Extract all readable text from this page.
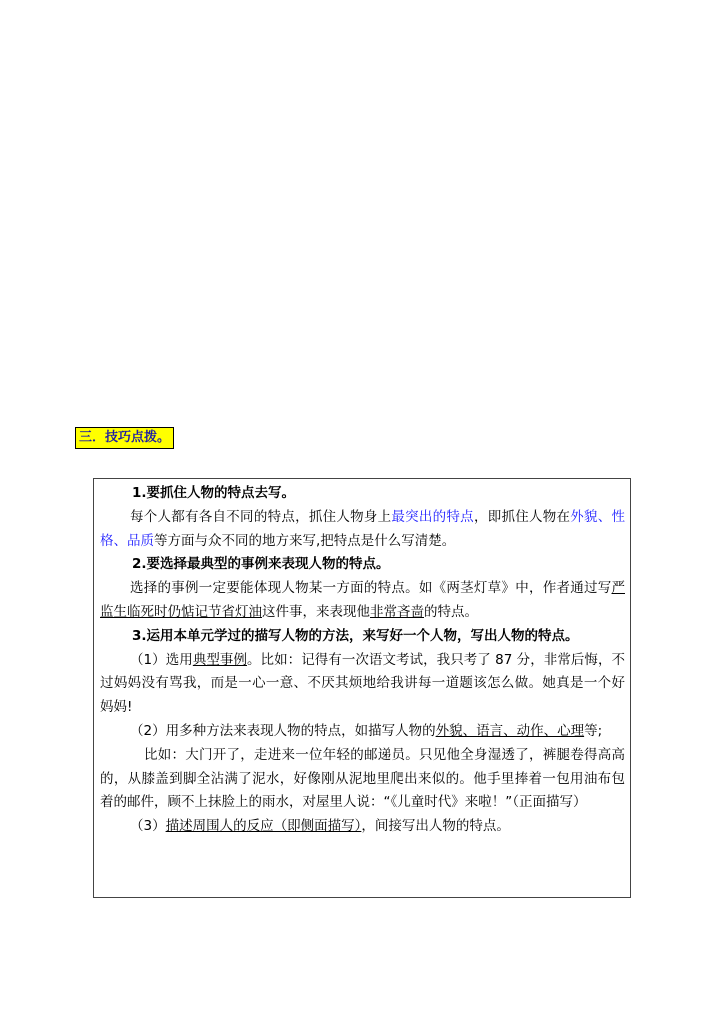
三．技巧点拨。

1.要抓住人物的特点去写。

每个人都有各自不同的特点，抓住人物身上最突出的特点，即抓住人物在外貌、性格、品质等方面与众不同的地方来写,把特点是什么写清楚。

2.要选择最典型的事例来表现人物的特点。

选择的事例一定要能体现人物某一方面的特点。如《两茎灯草》中，作者通过写严监生临死时仍惦记节省灯油这件事，来表现他非常吝啬的特点。

3.运用本单元学过的描写人物的方法，来写好一个人物，写出人物的特点。

（1）选用典型事例。比如：记得有一次语文考试，我只考了 87 分，非常后悔，不过妈妈没有骂我，而是一心一意、不厌其烦地给我讲每一道题该怎么做。她真是一个好妈妈!

（2）用多种方法来表现人物的特点，如描写人物的外貌、语言、动作、心理等;

比如：大门开了，走进来一位年轻的邮递员。只见他全身湿透了，裤腿卷得高高的，从膝盖到脚全沾满了泥水，好像刚从泥地里爬出来似的。他手里捧着一包用油布包着的邮件，顾不上抹脸上的雨水，对屋里人说：“《儿童时代》来啦！”（正面描写）

（3）描述周围人的反应（即侧面描写），间接写出人物的特点。
